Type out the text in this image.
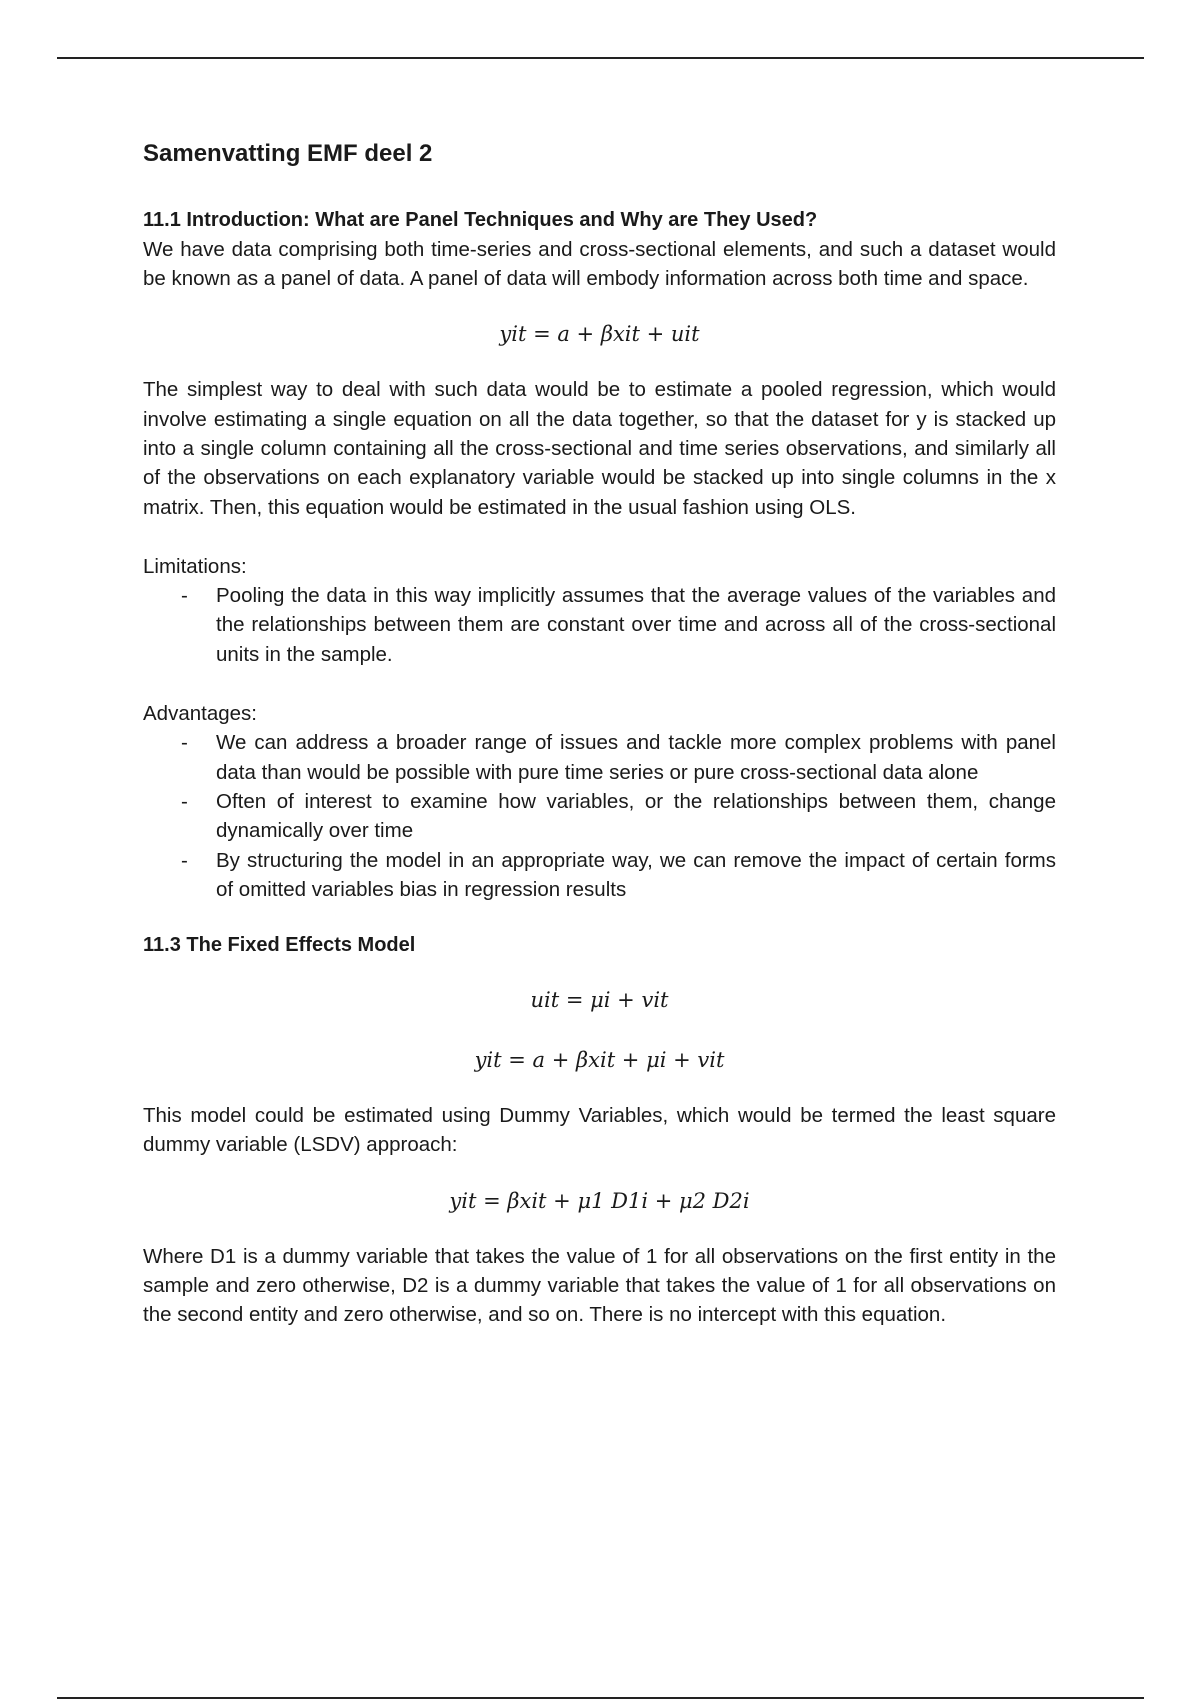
Samenvatting EMF deel 2
11.1 Introduction: What are Panel Techniques and Why are They Used?

We have data comprising both time-series and cross-sectional elements, and such a dataset would be known as a panel of data. A panel of data will embody information across both time and space.

yit = a + βxit + uit

The simplest way to deal with such data would be to estimate a pooled regression, which would involve estimating a single equation on all the data together, so that the dataset for y is stacked up into a single column containing all the cross-sectional and time series observations, and similarly all of the observations on each explanatory variable would be stacked up into single columns in the x matrix. Then, this equation would be estimated in the usual fashion using OLS.

Limitations:

- Pooling the data in this way implicitly assumes that the average values of the variables and the relationships between them are constant over time and across all of the cross-sectional units in the sample.

Advantages:

- We can address a broader range of issues and tackle more complex problems with panel data than would be possible with pure time series or pure cross-sectional data alone
- Often of interest to examine how variables, or the relationships between them, change dynamically over time
- By structuring the model in an appropriate way, we can remove the impact of certain forms of omitted variables bias in regression results
11.3 The Fixed Effects Model
uit = μi + vit
yit = a + βxit + μi + vit

This model could be estimated using Dummy Variables, which would be termed the least square dummy variable (LSDV) approach:

yit = βxit + μ1 D1i + μ2 D2i

Where D1 is a dummy variable that takes the value of 1 for all observations on the first entity in the sample and zero otherwise, D2 is a dummy variable that takes the value of 1 for all observations on the second entity and zero otherwise, and so on. There is no intercept with this equation.
